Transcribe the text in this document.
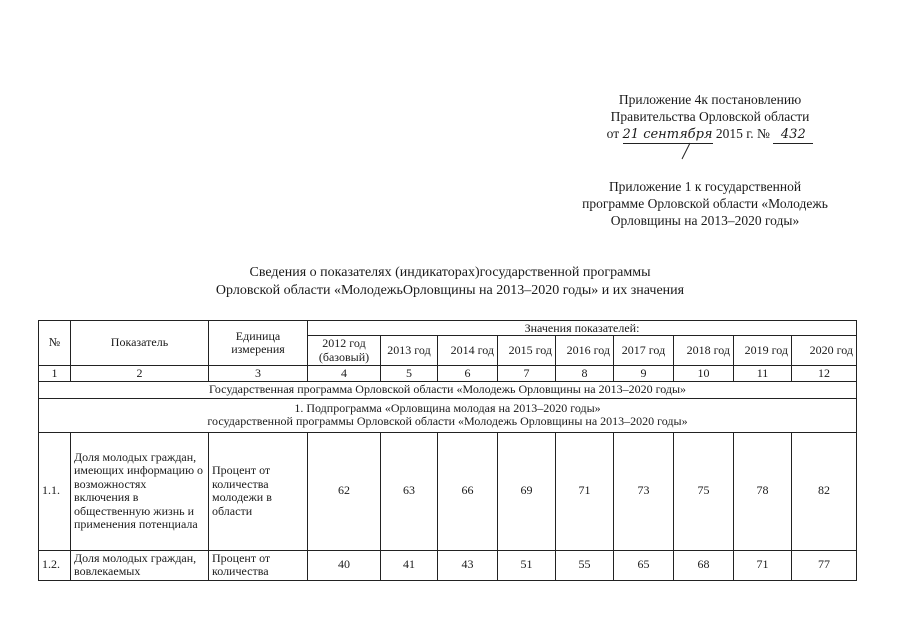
Приложение 4к постановлению
Правительства Орловской области
от 21 сентября 2015 г. № 432
Приложение 1 к государственной
программе Орловской области «Молодежь
Орловщины на 2013–2020 годы»
Сведения о показателях (индикаторах)государственной программы
Орловской области «МолодежьОрловщины на 2013–2020 годы» и их значения
№	Показатель	Единица измерения	Значения показателей:								
			2012 год (базовый)	2013 год	2014 год	2015 год	2016 год	2017 год	2018 год	2019 год	2020 год
1	2	3	4	5	6	7	8	9	10	11	12
Государственная программа Орловской области «Молодежь Орловщины на 2013–2020 годы»											

1. Подпрограмма «Орловщина молодая на 2013–2020 годы»
государственной программы Орловской области «Молодежь Орловщины на 2013–2020 годы»											

1.1.	Доля молодых граждан, имеющих информацию о возможностях включения в общественную жизнь и применения потенциала	Процент от количества молодежи в области	62	63	66	69	71	73	75	78	82
1.2.	Доля молодых граждан, вовлекаемых	Процент от количества	40	41	43	51	55	65	68	71	77
